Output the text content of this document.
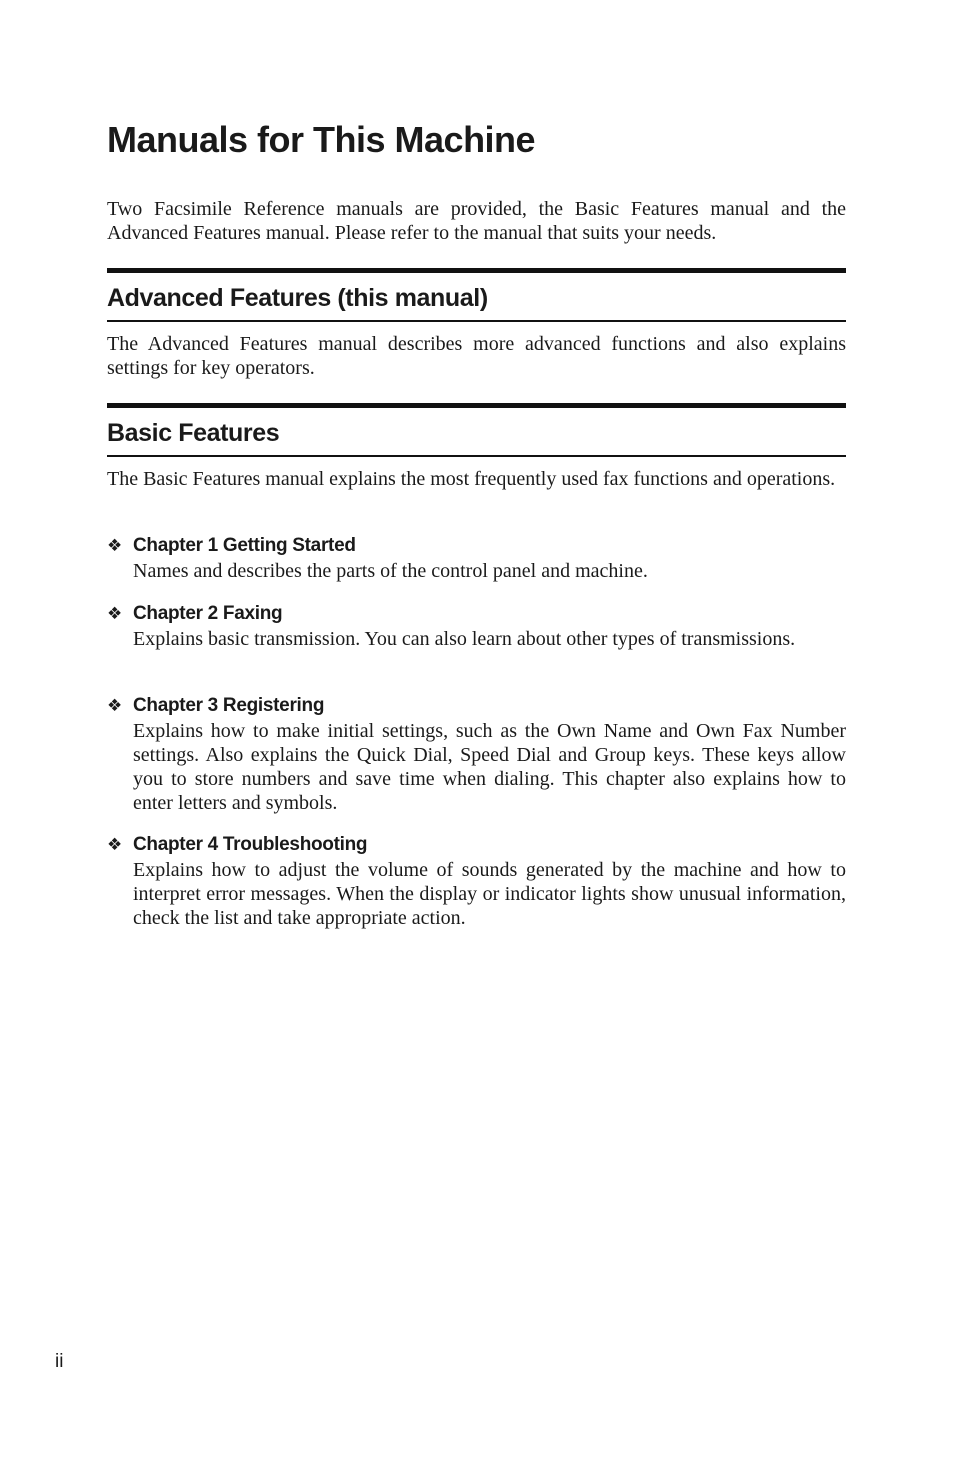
Manuals for This Machine

Two Facsimile Reference manuals are provided, the Basic Features manual and the Advanced Features manual. Please refer to the manual that suits your needs.

Advanced Features (this manual)

The Advanced Features manual describes more advanced functions and also explains settings for key operators.

Basic Features

The Basic Features manual explains the most frequently used fax functions and operations.

❖ Chapter 1 Getting Started

Names and describes the parts of the control panel and machine.

❖ Chapter 2 Faxing

Explains basic transmission. You can also learn about other types of transmissions.

❖ Chapter 3 Registering

Explains how to make initial settings, such as the Own Name and Own Fax Number settings. Also explains the Quick Dial, Speed Dial and Group keys. These keys allow you to store numbers and save time when dialing. This chapter also explains how to enter letters and symbols.

❖ Chapter 4 Troubleshooting

Explains how to adjust the volume of sounds generated by the machine and how to interpret error messages. When the display or indicator lights show unusual information, check the list and take appropriate action.

ii
